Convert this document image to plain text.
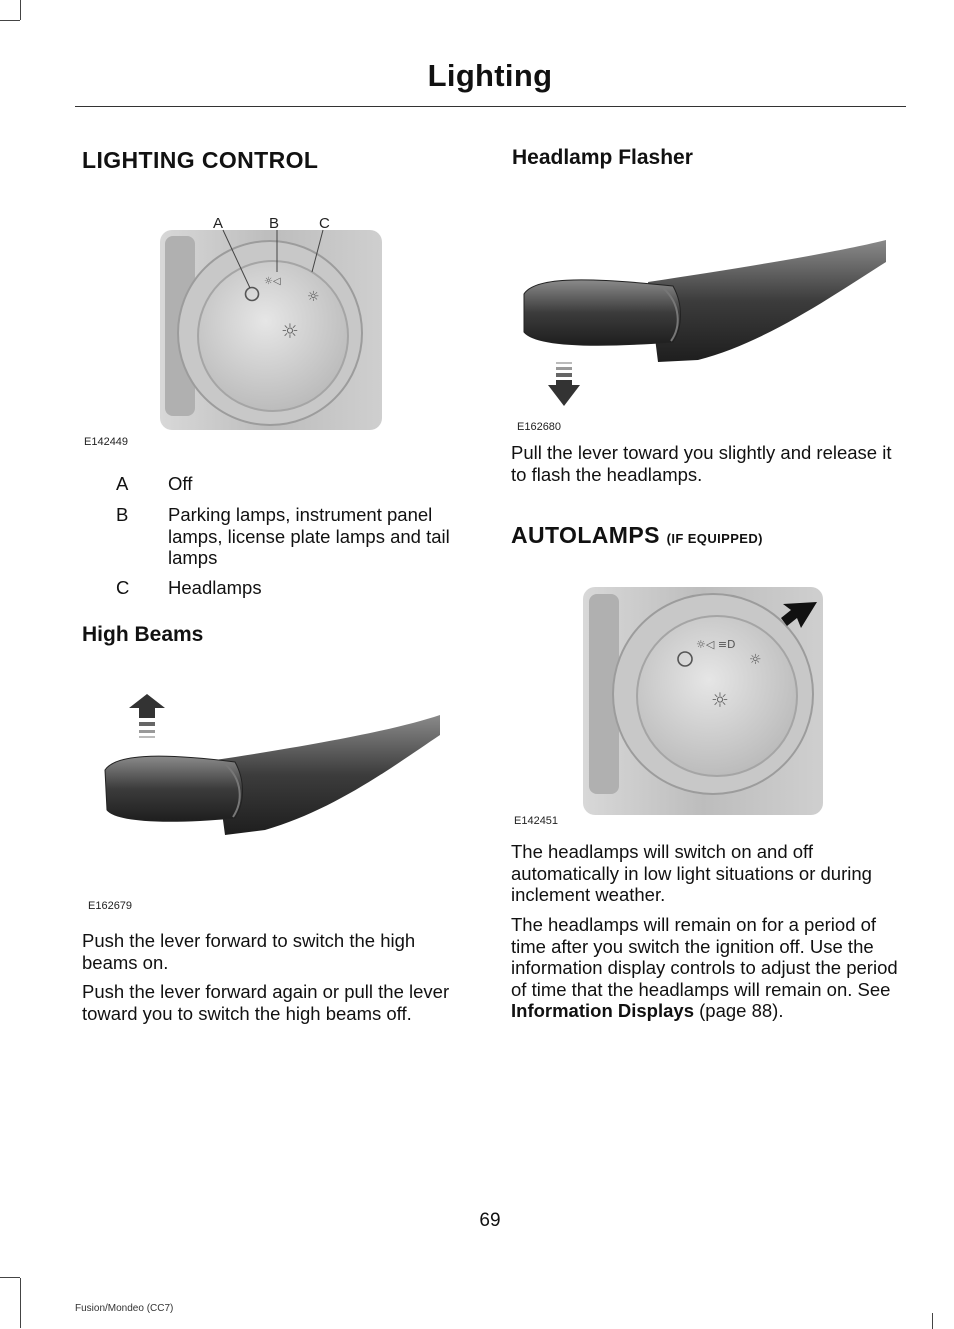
Lighting
LIGHTING CONTROL
☼◁
☼
☼
A	B	C
E142449
A Off
B Parking lamps, instrument panel lamps, license plate lamps and tail lamps
C Headlamps
High Beams
E162679
Push the lever forward to switch the high beams on.
Push the lever forward again or pull the lever toward you to switch the high beams off.
Headlamp Flasher
E162680
Pull the lever toward you slightly and release it to flash the headlamps.
AUTOLAMPS (IF EQUIPPED)
☼◁ ≡D
☼
☼
E142451
The headlamps will switch on and off automatically in low light situations or during inclement weather.
The headlamps will remain on for a period of time after you switch the ignition off. Use the information display controls to adjust the period of time that the headlamps will remain on. See Information Displays (page 88).
69
Fusion/Mondeo (CC7)
